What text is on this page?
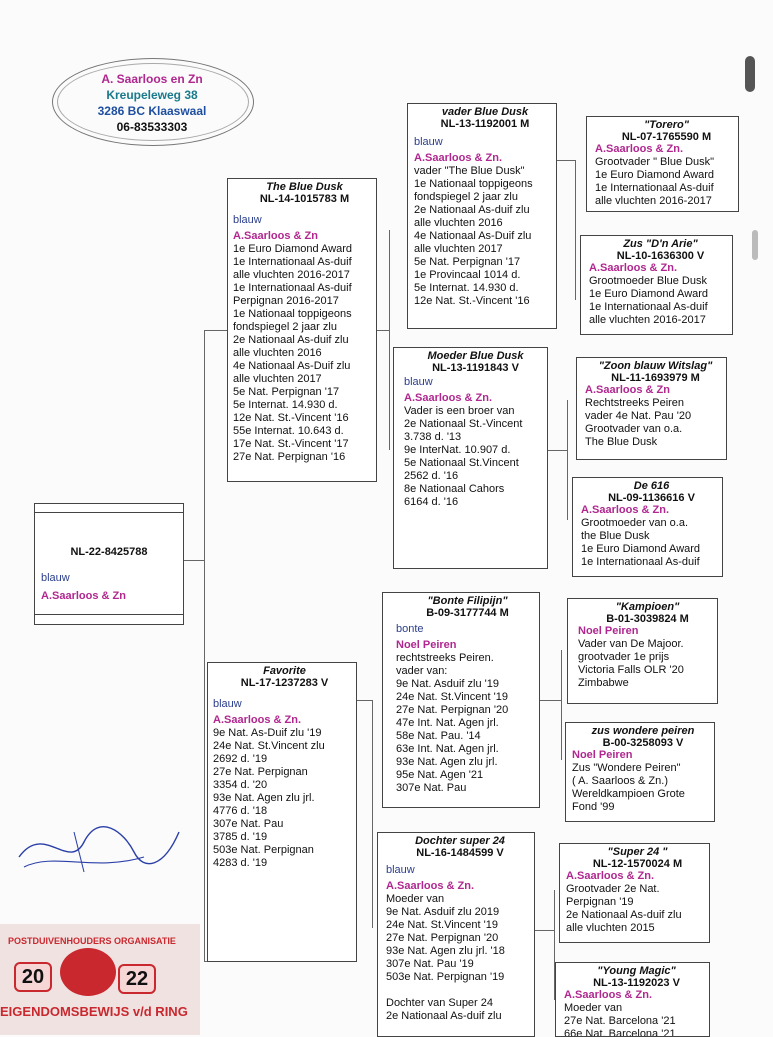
A. Saarloos en Zn
Kreupeleweg 38
3286 BC Klaaswaal
06-83533303
NL-22-8425788
blauw
A.Saarloos & Zn
The Blue Dusk
NL-14-1015783 M
blauw
A.Saarloos & Zn
1e Euro Diamond Award
1e Internationaal As-duif
alle vluchten 2016-2017
1e Internationaal As-duif
Perpignan 2016-2017
1e Nationaal toppigeons
fondspiegel 2 jaar zlu
2e Nationaal As-duif zlu
alle vluchten 2016
4e Nationaal As-Duif zlu
alle vluchten 2017
5e Nat. Perpignan '17
5e Internat. 14.930 d.
12e Nat. St.-Vincent '16
55e Internat. 10.643 d.
17e Nat. St.-Vincent '17
27e Nat. Perpignan '16
Favorite
NL-17-1237283 V
blauw
A.Saarloos & Zn.
9e Nat. As-Duif zlu '19
24e Nat. St.Vincent zlu
2692 d. '19
27e Nat. Perpignan
3354 d. '20
93e Nat. Agen zlu jrl.
4776 d. '18
307e Nat. Pau
3785 d. '19
503e Nat. Perpignan
4283 d. '19
vader Blue Dusk
NL-13-1192001 M
blauw
A.Saarloos & Zn.
vader "The Blue Dusk"
1e Nationaal toppigeons
fondspiegel 2 jaar zlu
2e Nationaal As-duif zlu
alle vluchten 2016
4e Nationaal As-Duif zlu
alle vluchten 2017
5e Nat. Perpignan '17
1e Provincaal 1014 d.
5e Internat. 14.930 d.
12e Nat. St.-Vincent '16
Moeder Blue Dusk
NL-13-1191843 V
blauw
A.Saarloos & Zn.
Vader is een broer van
2e Nationaal St.-Vincent
3.738 d. '13
9e InterNat. 10.907 d.
5e Nationaal St.Vincent
2562 d. '16
8e Nationaal Cahors
6164 d. '16
"Bonte Filipijn"
B-09-3177744 M
bonte
Noel Peiren
rechtstreeks Peiren.
vader van:
9e Nat. Asduif zlu '19
24e Nat. St.Vincent '19
27e Nat. Perpignan '20
47e Int. Nat. Agen jrl.
58e Nat. Pau. '14
63e Int. Nat. Agen jrl.
93e Nat. Agen zlu jrl.
95e Nat. Agen '21
307e Nat. Pau
Dochter super 24
NL-16-1484599 V
blauw
A.Saarloos & Zn.
Moeder van
9e Nat. Asduif zlu 2019
24e Nat. St.Vincent '19
27e Nat. Perpignan '20
93e Nat. Agen zlu jrl. '18
307e Nat. Pau '19
503e Nat. Perpignan '19

Dochter van Super 24
2e Nationaal As-duif zlu
"Torero"
NL-07-1765590 M
A.Saarloos & Zn.
Grootvader " Blue Dusk"
1e Euro Diamond Award
1e Internationaal As-duif
alle vluchten 2016-2017
Zus "D'n Arie"
NL-10-1636300 V
A.Saarloos & Zn.
Grootmoeder Blue Dusk
1e Euro Diamond Award
1e Internationaal As-duif
alle vluchten 2016-2017
"Zoon blauw Witslag"
NL-11-1693979 M
A.Saarloos & Zn
Rechtstreeks Peiren
vader 4e Nat. Pau '20
Grootvader van o.a.
The Blue Dusk
De 616
NL-09-1136616 V
A.Saarloos & Zn.
Grootmoeder van o.a.
the Blue Dusk
1e Euro Diamond Award
1e Internationaal As-duif
"Kampioen"
B-01-3039824 M
Noel Peiren
Vader van De Majoor.
grootvader 1e prijs
Victoria Falls OLR '20
Zimbabwe
zus wondere peiren
B-00-3258093 V
Noel Peiren
Zus "Wondere Peiren"
( A. Saarloos & Zn.)
Wereldkampioen Grote
Fond '99
"Super 24 "
NL-12-1570024 M
A.Saarloos & Zn.
Grootvader 2e Nat.
Perpignan '19
2e Nationaal As-duif zlu
alle vluchten 2015
"Young Magic"
NL-13-1192023 V
A.Saarloos & Zn.
Moeder van
27e Nat. Barcelona '21
66e Nat. Barcelona '21
POSTDUIVENHOUDERS ORGANISATIE
20	22
EIGENDOMSBEWIJS v/d RING
